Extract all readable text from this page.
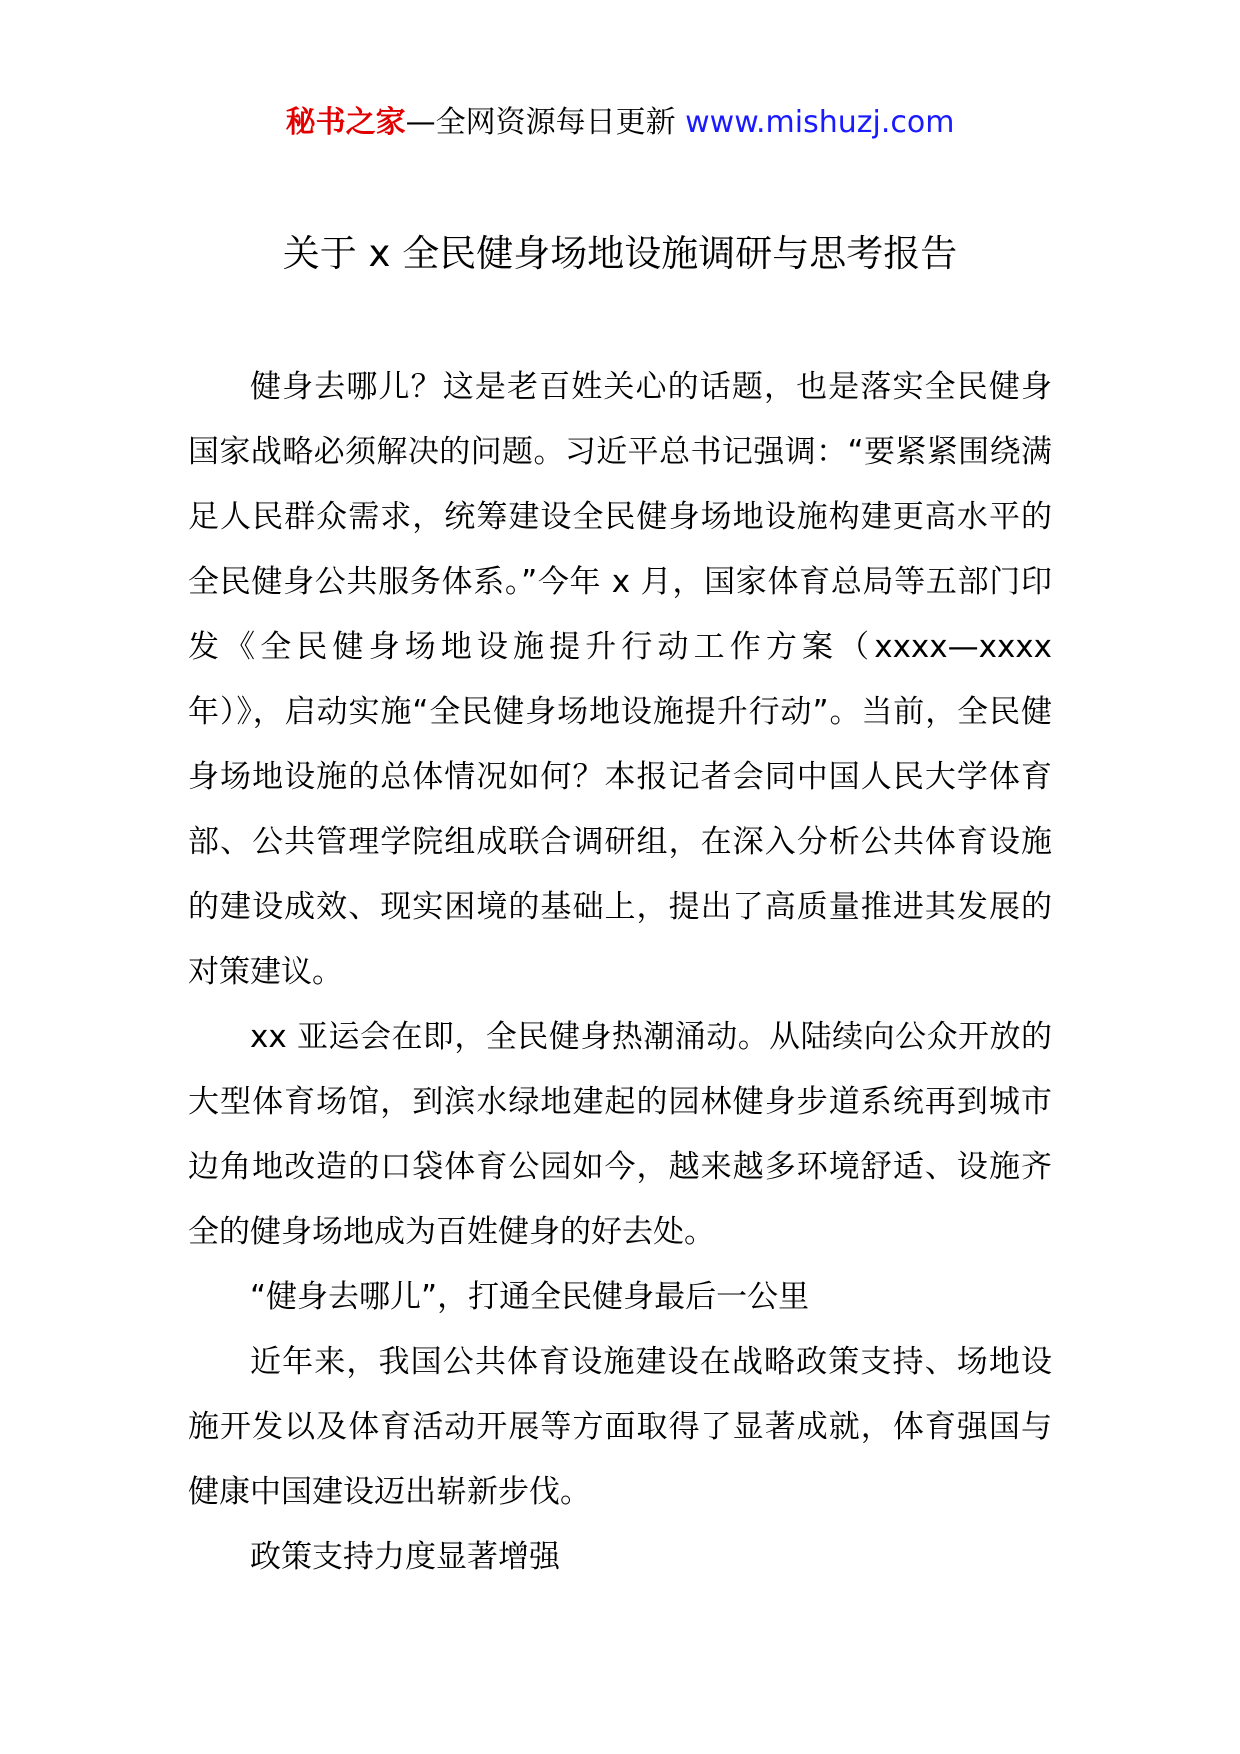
秘书之家—全网资源每日更新 www.mishuzj.com
关于 x 全民健身场地设施调研与思考报告

健身去哪儿？这是老百姓关心的话题，也是落实全民健身国家战略必须解决的问题。习近平总书记强调：“要紧紧围绕满足人民群众需求，统筹建设全民健身场地设施构建更高水平的全民健身公共服务体系。”今年 x 月，国家体育总局等五部门印发《全民健身场地设施提升行动工作方案（xxxx—xxxx 年）》，启动实施“全民健身场地设施提升行动”。当前，全民健身场地设施的总体情况如何？本报记者会同中国人民大学体育部、公共管理学院组成联合调研组，在深入分析公共体育设施的建设成效、现实困境的基础上，提出了高质量推进其发展的对策建议。

xx 亚运会在即，全民健身热潮涌动。从陆续向公众开放的大型体育场馆，到滨水绿地建起的园林健身步道系统再到城市边角地改造的口袋体育公园如今，越来越多环境舒适、设施齐全的健身场地成为百姓健身的好去处。

“健身去哪儿”，打通全民健身最后一公里

近年来，我国公共体育设施建设在战略政策支持、场地设施开发以及体育活动开展等方面取得了显著成就，体育强国与健康中国建设迈出崭新步伐。

政策支持力度显著增强
